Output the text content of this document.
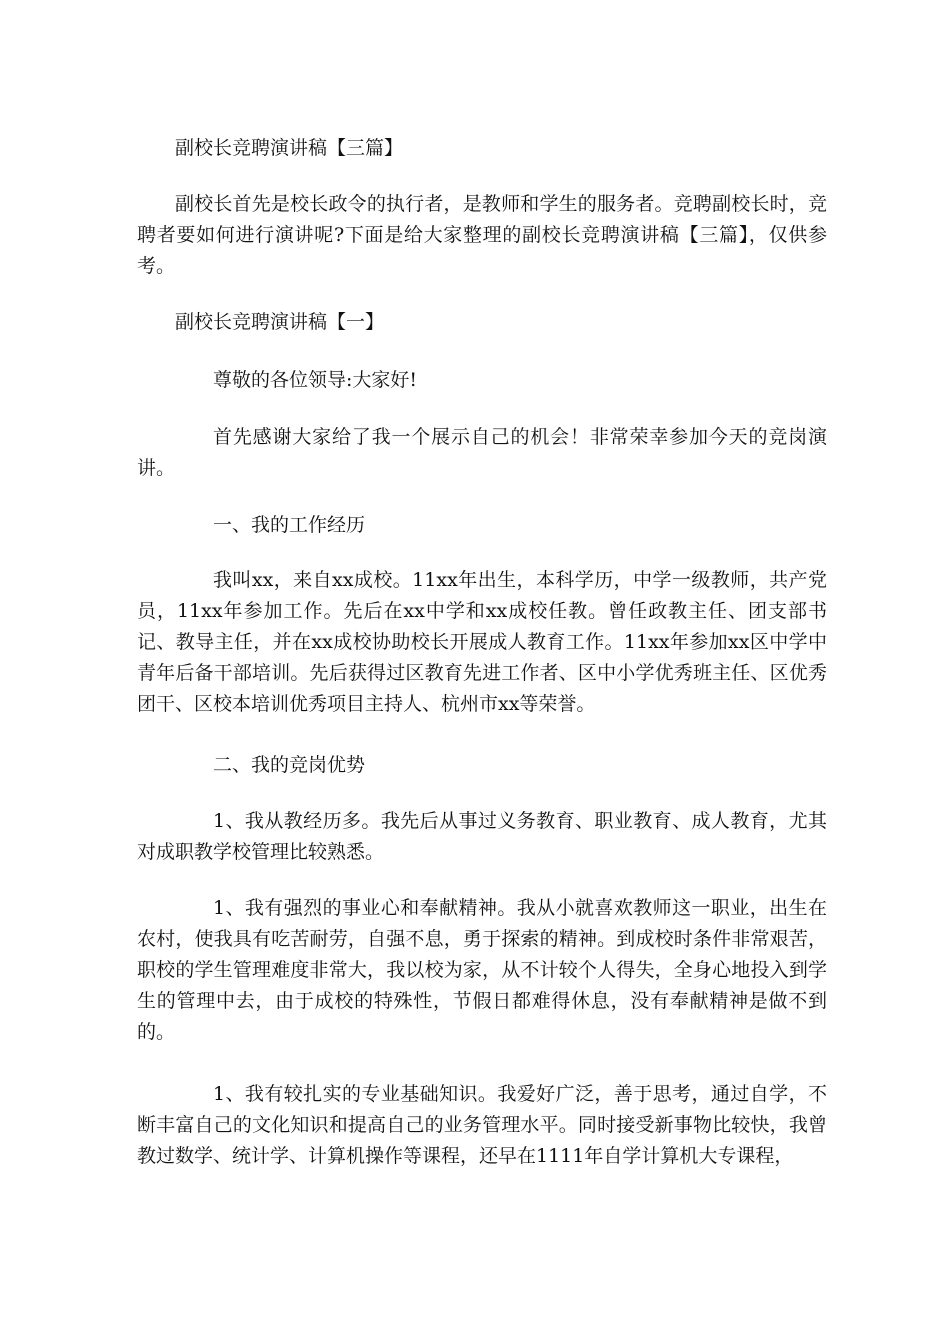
副校长竞聘演讲稿【三篇】

副校长首先是校长政令的执行者，是教师和学生的服务者。竞聘副校长时，竞聘者要如何进行演讲呢?下面是给大家整理的副校长竞聘演讲稿【三篇】，仅供参考。

副校长竞聘演讲稿【一】

尊敬的各位领导:大家好!

首先感谢大家给了我一个展示自己的机会！非常荣幸参加今天的竞岗演讲。

一、我的工作经历

我叫xx，来自xx成校。11xx年出生，本科学历，中学一级教师，共产党员，11xx年参加工作。先后在xx中学和xx成校任教。曾任政教主任、团支部书记、教导主任，并在xx成校协助校长开展成人教育工作。11xx年参加xx区中学中青年后备干部培训。先后获得过区教育先进工作者、区中小学优秀班主任、区优秀团干、区校本培训优秀项目主持人、杭州市xx等荣誉。

二、我的竞岗优势

1、我从教经历多。我先后从事过义务教育、职业教育、成人教育，尤其对成职教学校管理比较熟悉。

1、我有强烈的事业心和奉献精神。我从小就喜欢教师这一职业，出生在农村，使我具有吃苦耐劳，自强不息，勇于探索的精神。到成校时条件非常艰苦，职校的学生管理难度非常大，我以校为家，从不计较个人得失，全身心地投入到学生的管理中去，由于成校的特殊性，节假日都难得休息，没有奉献精神是做不到的。

1、我有较扎实的专业基础知识。我爱好广泛，善于思考，通过自学，不断丰富自己的文化知识和提高自己的业务管理水平。同时接受新事物比较快，我曾教过数学、统计学、计算机操作等课程，还早在1111年自学计算机大专课程，
